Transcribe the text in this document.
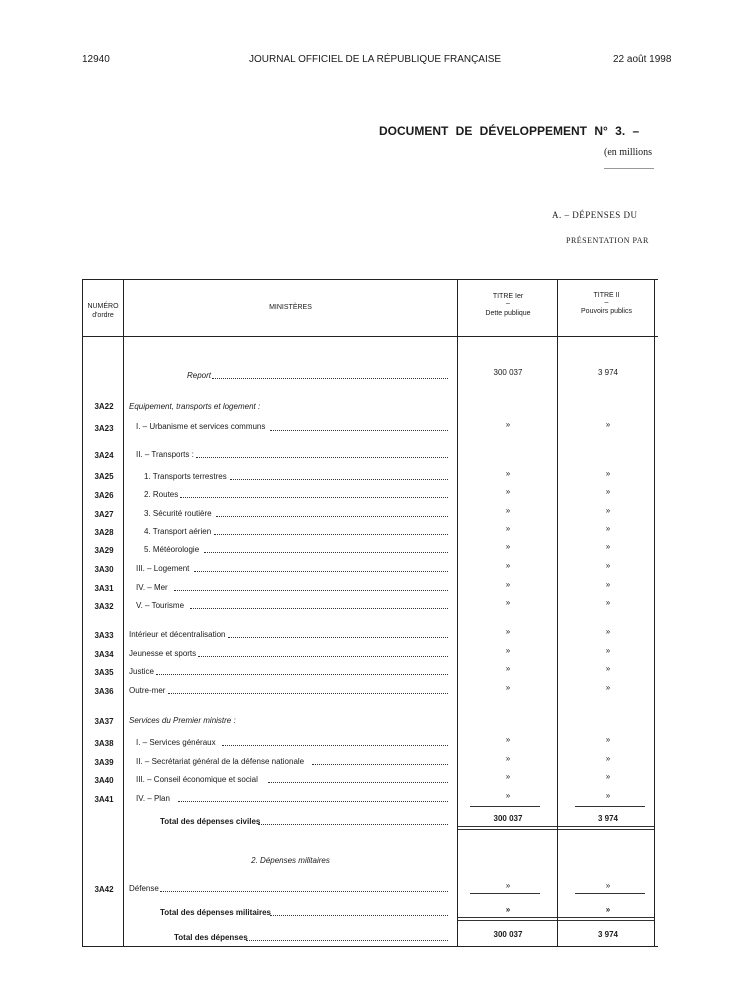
12940	JOURNAL OFFICIEL DE LA RÉPUBLIQUE FRANÇAISE	22 août 1998
DOCUMENT DE DÉVELOPPEMENT N° 3. –
(en millions
A. – DÉPENSES DU
PRÉSENTATION PAR
NUMÉRO
d'ordre
MINISTÈRES
TITRE Ier
–
Dette publique
TITRE II
–
Pouvoirs publics
Report	300 037	3 974
3A22	Equipement, transports et logement :
3A23	I. – Urbanisme et services communs	»	»
3A24	II. – Transports :
3A25	1. Transports terrestres	»	»
3A26	2. Routes	»	»
3A27	3. Sécurité routière	»	»
3A28	4. Transport aérien	»	»
3A29	5. Météorologie	»	»
3A30	III. – Logement	»	»
3A31	IV. – Mer	»	»
3A32	V. – Tourisme	»	»
3A33	Intérieur et décentralisation	»	»
3A34	Jeunesse et sports	»	»
3A35	Justice	»	»
3A36	Outre-mer	»	»
3A37	Services du Premier ministre :
3A38	I. – Services généraux	»	»
3A39	II. – Secrétariat général de la défense nationale	»	»
3A40	III. – Conseil économique et social	»	»
3A41	IV. – Plan	»	»
Total des dépenses civiles	300 037	3 974
2. Dépenses militaires
3A42	Défense	»	»
Total des dépenses militaires	»	»
Total des dépenses	300 037	3 974
